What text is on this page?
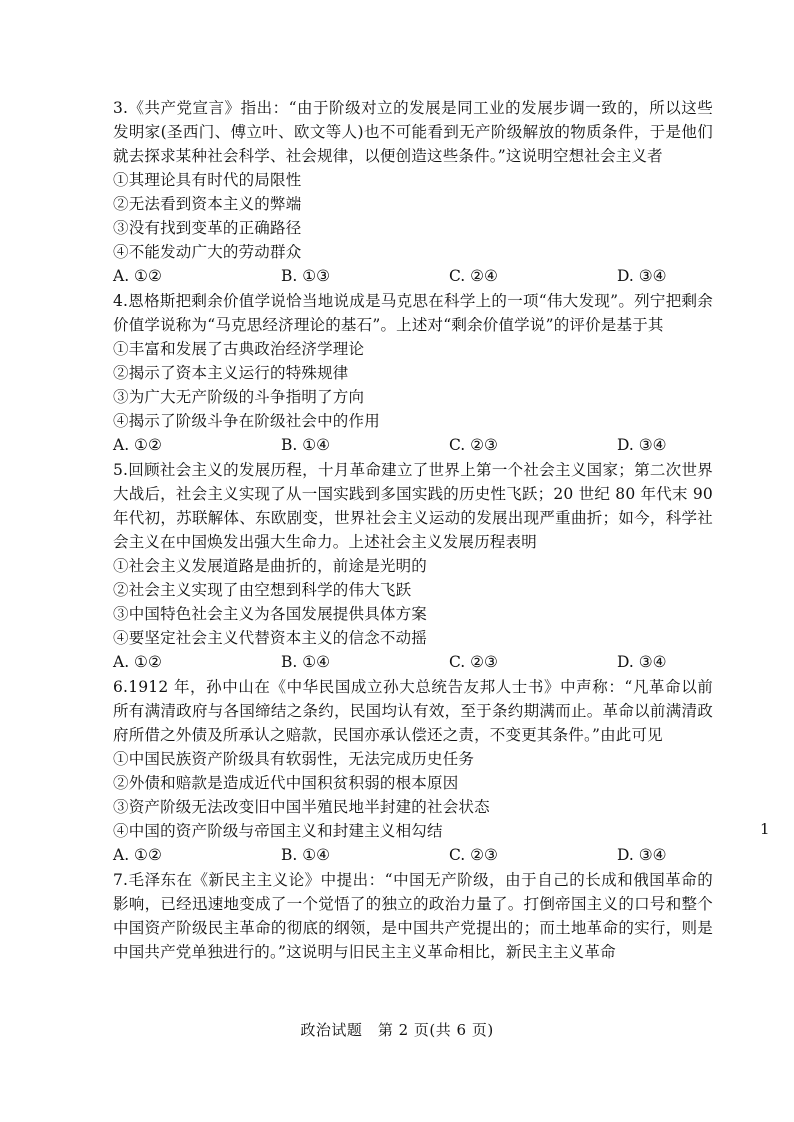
3.《共产党宣言》指出：“由于阶级对立的发展是同工业的发展步调一致的，所以这些发明家(圣西门、傅立叶、欧文等人)也不可能看到无产阶级解放的物质条件，于是他们就去探求某种社会科学、社会规律，以便创造这些条件。”这说明空想社会主义者

①其理论具有时代的局限性

②无法看到资本主义的弊端

③没有找到变革的正确路径

④不能发动广大的劳动群众

A. ①②	B. ①③	C. ②④	D. ③④

4.恩格斯把剩余价值学说恰当地说成是马克思在科学上的一项“伟大发现”。列宁把剩余价值学说称为“马克思经济理论的基石”。上述对“剩余价值学说”的评价是基于其

①丰富和发展了古典政治经济学理论

②揭示了资本主义运行的特殊规律

③为广大无产阶级的斗争指明了方向

④揭示了阶级斗争在阶级社会中的作用

A. ①②	B. ①④	C. ②③	D. ③④

5.回顾社会主义的发展历程，十月革命建立了世界上第一个社会主义国家；第二次世界大战后，社会主义实现了从一国实践到多国实践的历史性飞跃；20 世纪 80 年代末 90 年代初，苏联解体、东欧剧变，世界社会主义运动的发展出现严重曲折；如今，科学社会主义在中国焕发出强大生命力。上述社会主义发展历程表明

①社会主义发展道路是曲折的，前途是光明的

②社会主义实现了由空想到科学的伟大飞跃

③中国特色社会主义为各国发展提供具体方案

④要坚定社会主义代替资本主义的信念不动摇

A. ①②	B. ①④	C. ②③	D. ③④

6.1912 年，孙中山在《中华民国成立孙大总统告友邦人士书》中声称：“凡革命以前所有满清政府与各国缔结之条约，民国均认有效，至于条约期满而止。革命以前满清政府所借之外债及所承认之赔款，民国亦承认偿还之责，不变更其条件。”由此可见

①中国民族资产阶级具有软弱性，无法完成历史任务

②外债和赔款是造成近代中国积贫积弱的根本原因

③资产阶级无法改变旧中国半殖民地半封建的社会状态

④中国的资产阶级与帝国主义和封建主义相勾结

A. ①②	B. ①④	C. ②③	D. ③④

7.毛泽东在《新民主主义论》中提出：“中国无产阶级，由于自己的长成和俄国革命的影响，已经迅速地变成了一个觉悟了的独立的政治力量了。打倒帝国主义的口号和整个中国资产阶级民主革命的彻底的纲领，是中国共产党提出的；而土地革命的实行，则是中国共产党单独进行的。”这说明与旧民主主义革命相比，新民主主义革命

1
政治试题　第 2 页(共 6 页)
